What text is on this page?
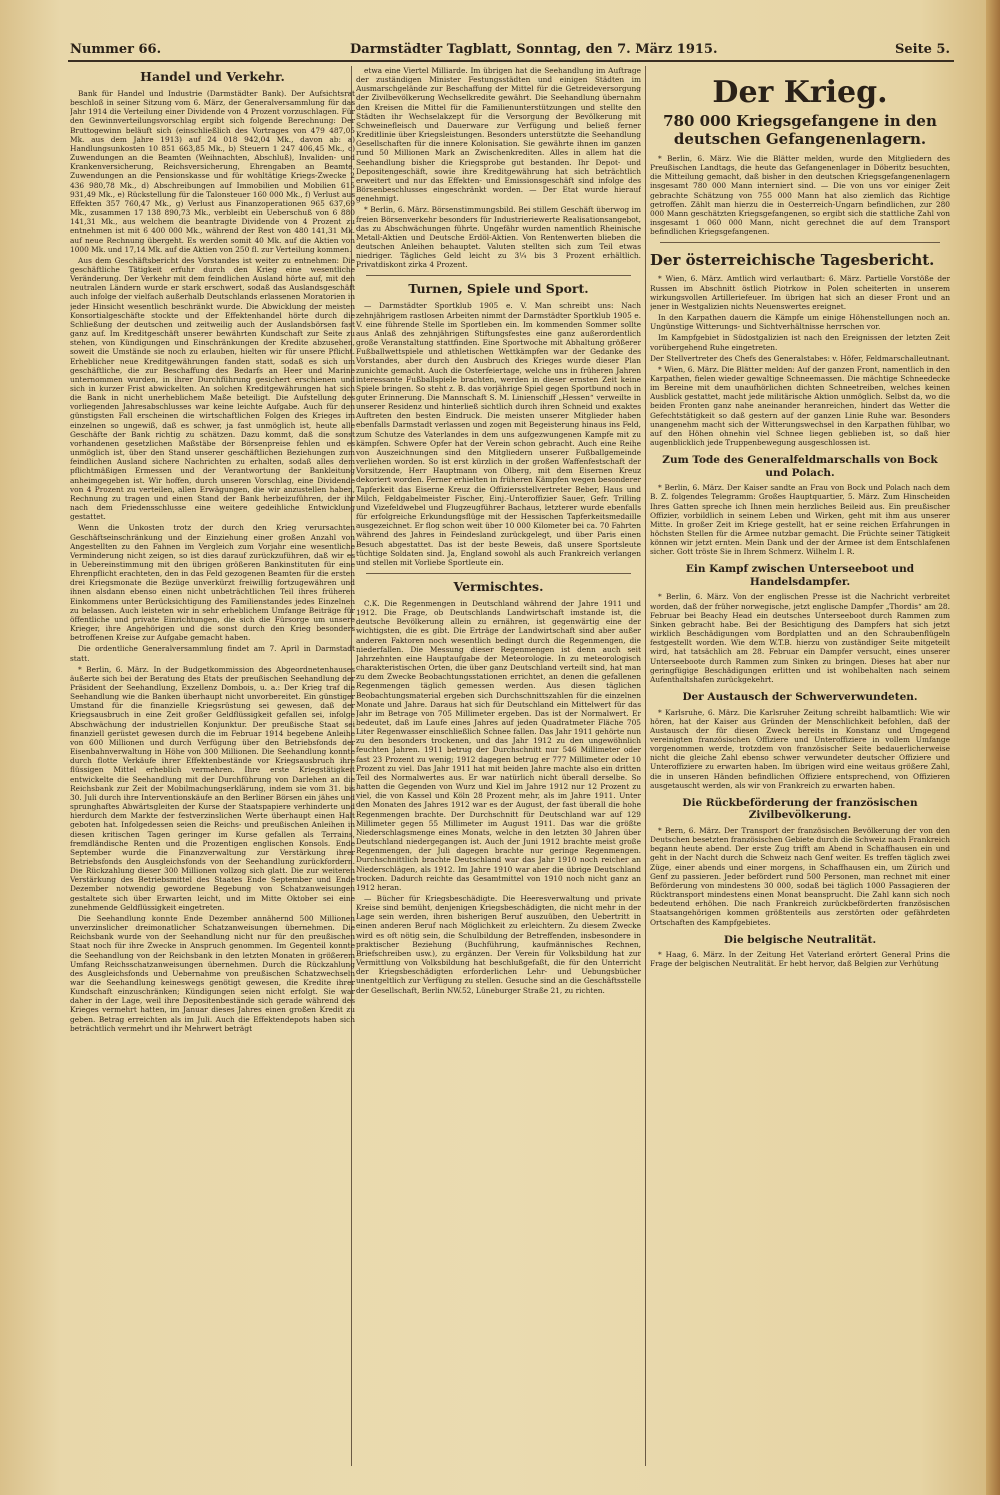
Nummer 66.	Darmstädter Tagblatt, Sonntag, den 7. März 1915.	Seite 5.
Handel und Verkehr.

Bank für Handel und Industrie (Darmstädter Bank). Der Aufsichtsrat beschloß in seiner Sitzung vom 6. März, der Generalversammlung für das Jahr 1914 die Verteilung einer Dividende von 4 Prozent vorzuschlagen. Für den Gewinnverteilungsvorschlag ergibt sich folgende Berechnung: Der Bruttogewinn beläuft sich (einschließlich des Vortrages von 479 487,05 Mk. aus dem Jahre 1913) auf 24 018 942,04 Mk., davon ab: a) Handlungsunkosten 10 851 663,85 Mk., b) Steuern 1 247 406,45 Mk., c) Zuwendungen an die Beamten (Weihnachten, Abschluß), Invaliden- und Krankenversicherung, Reichsversicherung, Ehrengaben an Beamte, Zuwendungen an die Pensionskasse und für wohltätige Kriegs-Zwecke 2 436 980,78 Mk., d) Abschreibungen auf Immobilien und Mobilien 615 931,49 Mk., e) Rückstellung für die Talonsteuer 160 000 Mk., f) Verlust aus Effekten 357 760,47 Mk., g) Verlust aus Finanzoperationen 965 637,69 Mk., zusammen 17 138 890,73 Mk., verbleibt ein Ueberschuß von 6 880 141,31 Mk., aus welchem die beantragte Dividende von 4 Prozent zu entnehmen ist mit 6 400 000 Mk., während der Rest von 480 141,31 Mk. auf neue Rechnung übergeht. Es werden somit 40 Mk. auf die Aktien von 1000 Mk. und 17,14 Mk. auf die Aktien von 250 fl. zur Verteilung kommen.

Aus dem Geschäftsbericht des Vorstandes ist weiter zu entnehmen: Die geschäftliche Tätigkeit erfuhr durch den Krieg eine wesentliche Veränderung. Der Verkehr mit dem feindlichen Ausland hörte auf, mit den neutralen Ländern wurde er stark erschwert, sodaß das Auslandsgeschäft auch infolge der vielfach außerhalb Deutschlands erlassenen Moratorien in jeder Hinsicht wesentlich beschränkt wurde. Die Abwicklung der meisten Konsortialgeschäfte stockte und der Effektenhandel hörte durch die Schließung der deutschen und zeitweilig auch der Auslandsbörsen fast ganz auf. Im Kreditgeschäft unserer bewährten Kundschaft zur Seite zu stehen, von Kündigungen und Einschränkungen der Kredite abzusehen, soweit die Umstände sie noch zu erlauben, hielten wir für unsere Pflicht. Erheblicher neue Kreditgewährungen fanden statt, sodaß es sich um geschäftliche, die zur Beschaffung des Bedarfs an Heer und Marine unternommen wurden, in ihrer Durchführung gesichert erschienen und sich in kurzer Frist abwickelten. An solchen Kreditgewährungen hat sich die Bank in nicht unerheblichem Maße beteiligt. Die Aufstellung des vorliegenden Jahresabschlusses war keine leichte Aufgabe. Auch für den günstigsten Fall erscheinen die wirtschaftlichen Folgen des Krieges im einzelnen so ungewiß, daß es schwer, ja fast unmöglich ist, heute alle Geschäfte der Bank richtig zu schätzen. Dazu kommt, daß die sonst vorhandenen gesetzlichen Maßstäbe der Börsenpreise fehlen und es unmöglich ist, über den Stand unserer geschäftlichen Beziehungen zum feindlichen Ausland sichere Nachrichten zu erhalten, sodaß alles dem pflichtmäßigen Ermessen und der Verantwortung der Bankleitung anheimgegeben ist. Wir hoffen, durch unseren Vorschlag, eine Dividende von 4 Prozent zu verteilen, allen Erwägungen, die wir anzustellen haben, Rechnung zu tragen und einen Stand der Bank herbeizuführen, der ihr nach dem Friedensschlusse eine weitere gedeihliche Entwicklung gestattet.

Wenn die Unkosten trotz der durch den Krieg verursachten Geschäftseinschränkung und der Einziehung einer großen Anzahl von Angestellten zu den Fahnen im Vergleich zum Vorjahr eine wesentliche Verminderung nicht zeigen, so ist dies darauf zurückzuführen, daß wir es in Uebereinstimmung mit den übrigen größeren Bankinstituten für eine Ehrenpflicht erachteten, den in das Feld gezogenen Beamten für die ersten drei Kriegsmonate die Bezüge unverkürzt freiwillig fortzugewähren und ihnen alsdann ebenso einen nicht unbeträchtlichen Teil ihres früheren Einkommens unter Berücksichtigung des Familienstandes jedes Einzelnen zu belassen. Auch leisteten wir in sehr erheblichem Umfange Beiträge für öffentliche und private Einrichtungen, die sich die Fürsorge um unsere Krieger, ihre Angehörigen und die sonst durch den Krieg besonders betroffenen Kreise zur Aufgabe gemacht haben.

Die ordentliche Generalversammlung findet am 7. April in Darmstadt statt.

* Berlin, 6. März. In der Budgetkommission des Abgeordnetenhauses äußerte sich bei der Beratung des Etats der preußischen Seehandlung der Präsident der Seehandlung, Exzellenz Dombois, u. a.: Der Krieg traf die Seehandlung wie die Banken überhaupt nicht unvorbereitet. Ein günstiger Umstand für die finanzielle Kriegsrüstung sei gewesen, daß der Kriegsausbruch in eine Zeit großer Geldflüssigkeit gefallen sei, infolge Abschwächung der industriellen Konjunktur. Der preußische Staat sei finanziell gerüstet gewesen durch die im Februar 1914 begebene Anleihe von 600 Millionen und durch Verfügung über den Betriebsfonds der Eisenbahnverwaltung in Höhe von 300 Millionen. Die Seehandlung konnte durch flotte Verkäufe ihrer Effektenbestände vor Kriegsausbruch ihre flüssigen Mittel erheblich vermehren. Ihre erste Kriegstätigkeit entwickelte die Seehandlung mit der Durchführung von Darlehen an die Reichsbank zur Zeit der Mobilmachungserklärung, indem sie vom 31. bis 30. Juli durch ihre Interventionskäufe an den Berliner Börsen ein jähes und sprunghaftes Abwärtsgleiten der Kurse der Staatspapiere verhinderte und hierdurch dem Markte der festverzinslichen Werte überhaupt einen Halt geboten hat. Infolgedessen seien die Reichs- und preußischen Anleihen in diesen kritischen Tagen geringer im Kurse gefallen als Terrains, fremdländische Renten und die Prozentigen englischen Konsols. Ende September wurde die Finanzverwaltung zur Verstärkung ihrer Betriebsfonds den Ausgleichsfonds von der Seehandlung zurückfordern. Die Rückzahlung dieser 300 Millionen vollzog sich glatt. Die zur weiteren Verstärkung des Betriebsmittel des Staates Ende September und Ende Dezember notwendig gewordene Begebung von Schatzanweisungen gestaltete sich über Erwarten leicht, und im Mitte Oktober sei eine zunehmende Geldflüssigkeit eingetreten.

Die Seehandlung konnte Ende Dezember annähernd 500 Millionen unverzinslicher dreimonatlicher Schatzanweisungen übernehmen. Die Reichsbank wurde von der Seehandlung nicht nur für den preußischen Staat noch für ihre Zwecke in Anspruch genommen. Im Gegenteil konnte die Seehandlung von der Reichsbank in den letzten Monaten in größerem Umfang Reichsschatzanweisungen übernehmen. Durch die Rückzahlung des Ausgleichsfonds und Uebernahme von preußischen Schatzwechseln war die Seehandlung keineswegs genötigt gewesen, die Kredite ihrer Kundschaft einzuschränken; Kündigungen seien nicht erfolgt. Sie war daher in der Lage, weil ihre Depositenbestände sich gerade während des Krieges vermehrt hatten, im Januar dieses Jahres einen großen Kredit zu geben. Betrag erreichten als im Juli. Auch die Effektendepots haben sich beträchtlich vermehrt und ihr Mehrwert beträgt

etwa eine Viertel Milliarde. Im übrigen hat die Seehandlung im Auftrage der zuständigen Minister Festungsstädten und einigen Städten im Ausmarschgelände zur Beschaffung der Mittel für die Getreideversorgung der Zivilbevölkerung Wechselkredite gewährt. Die Seehandlung übernahm den Kreisen die Mittel für die Familienunterstützungen und stellte den Städten ihr Wechselakzept für die Versorgung der Bevölkerung mit Schweinefleisch und Dauerware zur Verfügung und beließ ferner Kreditlinie über Kriegsleistungen. Besonders unterstützte die Seehandlung Gesellschaften für die innere Kolonisation. Sie gewährte ihnen im ganzen rund 50 Millionen Mark an Zwischenkrediten. Alles in allem hat die Seehandlung bisher die Kriegsprobe gut bestanden. Ihr Depot- und Depositengeschäft, sowie ihre Kreditgewährung hat sich beträchtlich erweitert und nur das Effekten- und Emissionsgeschäft sind infolge des Börsenbeschlusses eingeschränkt worden. — Der Etat wurde hierauf genehmigt.

* Berlin, 6. März. Börsenstimmungsbild. Bei stillem Geschäft überwog im freien Börsenverkehr besonders für Industrieriewerte Realisationsangebot, das zu Abschwächungen führte. Ungefähr wurden namentlich Rheinische Metall-Aktien und Deutsche Erdöl-Aktien. Von Rentenwerten blieben die deutschen Anleihen behauptet. Valuten stellten sich zum Teil etwas niedriger. Tägliches Geld leicht zu 3¼ bis 3 Prozent erhältlich. Privatdiskont zirka 4 Prozent.

Turnen, Spiele und Sport.

— Darmstädter Sportklub 1905 e. V. Man schreibt uns: Nach zehnjährigem rastlosen Arbeiten nimmt der Darmstädter Sportklub 1905 e. V. eine führende Stelle im Sportleben ein. Im kommenden Sommer sollte aus Anlaß des zehnjährigen Stiftungsfestes eine ganz außerordentlich große Veranstaltung stattfinden. Eine Sportwoche mit Abhaltung größerer Fußballwettspiele und athletischen Wettkämpfen war der Gedanke des Vorstandes, aber durch den Ausbruch des Krieges wurde dieser Plan zunichte gemacht. Auch die Osterfeiertage, welche uns in früheren Jahren interessante Fußballspiele brachten, werden in dieser ernsten Zeit keine Spiele bringen. So steht z. B. das vorjährige Spiel gegen Sportbund noch in guter Erinnerung. Die Mannschaft S. M. Linienschiff „Hessen“ verweilte in unserer Residenz und hinterließ sichtlich durch ihren Schneid und exaktes Auftreten den besten Eindruck. Die meisten unserer Mitglieder haben ebenfalls Darmstadt verlassen und zogen mit Begeisterung hinaus ins Feld, zum Schutze des Vaterlandes in dem uns aufgezwungenen Kampfe mit zu kämpfen. Schwere Opfer hat der Verein schon gebracht. Auch eine Reihe von Auszeichnungen sind den Mitgliedern unserer Fußballgemeinde verliehen worden. So ist erst kürzlich in der großen Waffenfestschaft der Vorsitzende, Herr Hauptmann von Olberg, mit dem Eisernen Kreuz dekoriert worden. Ferner erhielten in früheren Kämpfen wegen besonderer Tapferkeit das Eiserne Kreuz die Offiziersstellvertreter Beber, Haus und Milch, Feldgabelmeister Fischer, Einj.-Unteroffizier Sauer, Gefr. Trilling und Vizefeldwebel und Flugzeugführer Bachaus, letzterer wurde ebenfalls für erfolgreiche Erkundungsflüge mit der Hessischen Tapferkeitsmedaille ausgezeichnet. Er flog schon weit über 10 000 Kilometer bei ca. 70 Fahrten während des Jahres in Feindesland zurückgelegt, und über Paris einen Besuch abgestattet. Das ist der beste Beweis, daß unsere Sportsleute tüchtige Soldaten sind. Ja, England sowohl als auch Frankreich verlangen und stellen mit Vorliebe Sportleute ein.

Vermischtes.

C.K. Die Regenmengen in Deutschland während der Jahre 1911 und 1912. Die Frage, ob Deutschlands Landwirtschaft imstande ist, die deutsche Bevölkerung allein zu ernähren, ist gegenwärtig eine der wichtigsten, die es gibt. Die Erträge der Landwirtschaft sind aber außer anderen Faktoren noch wesentlich bedingt durch die Regenmengen, die niederfallen. Die Messung dieser Regenmengen ist denn auch seit Jahrzehnten eine Hauptaufgabe der Meteorologie. In zu meteorologisch charakteristischen Orten, die über ganz Deutschland verteilt sind, hat man zu dem Zwecke Beobachtungsstationen errichtet, an denen die gefallenen Regenmengen täglich gemessen werden. Aus diesen täglichen Beobachtungsmaterial ergeben sich Durchschnittszahlen für die einzelnen Monate und Jahre. Daraus hat sich für Deutschland ein Mittelwert für das Jahr im Betrage von 705 Millimeter ergeben. Das ist der Normalwert. Er bedeutet, daß im Laufe eines Jahres auf jeden Quadratmeter Fläche 705 Liter Regenwasser einschließlich Schnee fallen. Das Jahr 1911 gehörte nun zu den besonders trockenen, und das Jahr 1912 zu den ungewöhnlich feuchten Jahren. 1911 betrug der Durchschnitt nur 546 Millimeter oder fast 23 Prozent zu wenig; 1912 dagegen betrug er 777 Millimeter oder 10 Prozent zu viel. Das Jahr 1911 hat mit beiden Jahre machte also ein dritten Teil des Normalwertes aus. Er war natürlich nicht überall derselbe. So hatten die Gegenden von Wurz und Kiel im Jahre 1912 nur 12 Prozent zu viel, die von Kassel und Köln 28 Prozent mehr, als im Jahre 1911. Unter den Monaten des Jahres 1912 war es der August, der fast überall die hohe Regenmengen brachte. Der Durchschnitt für Deutschland war auf 129 Millimeter gegen 55 Millimeter im August 1911. Das war die größte Niederschlagsmenge eines Monats, welche in den letzten 30 Jahren über Deutschland niedergegangen ist. Auch der Juni 1912 brachte meist große Regenmengen, der Juli dagegen brachte nur geringe Regenmengen. Durchschnittlich brachte Deutschland war das Jahr 1910 noch reicher an Niederschlägen, als 1912. Im Jahre 1910 war aber die übrige Deutschland trocken. Dadurch reichte das Gesamtmittel von 1910 noch nicht ganz an 1912 heran.

— Bücher für Kriegsbeschädigte. Die Heeresverwaltung und private Kreise sind bemüht, denjenigen Kriegsbeschädigten, die nicht mehr in der Lage sein werden, ihren bisherigen Beruf auszuüben, den Uebertritt in einen anderen Beruf nach Möglichkeit zu erleichtern. Zu diesem Zwecke wird es oft nötig sein, die Schulbildung der Betreffenden, insbesondere in praktischer Beziehung (Buchführung, kaufmännisches Rechnen, Briefschreiben usw.), zu ergänzen. Der Verein für Volksbildung hat zur Vermittlung von Volksbildung hat beschlußgefaßt, die für den Unterricht der Kriegsbeschädigten erforderlichen Lehr- und Uebungsbücher unentgeltlich zur Verfügung zu stellen. Gesuche sind an die Geschäftsstelle der Gesellschaft, Berlin NW.52, Lüneburger Straße 21, zu richten.

Der Krieg.
780 000 Kriegsgefangene in den deutschen Gefangenenlagern.

* Berlin, 6. März. Wie die Blätter melden, wurde den Mitgliedern des Preußischen Landtags, die heute das Gefangenenlager in Döberitz besuchten, die Mitteilung gemacht, daß bisher in den deutschen Kriegsgefangenenlagern insgesamt 780 000 Mann interniert sind. — Die von uns vor einiger Zeit gebrachte Schätzung von 755 000 Mann hat also ziemlich das Richtige getroffen. Zählt man hierzu die in Oesterreich-Ungarn befindlichen, zur 280 000 Mann geschätzten Kriegsgefangenen, so ergibt sich die stattliche Zahl von insgesamt 1 060 000 Mann, nicht gerechnet die auf dem Transport befindlichen Kriegsgefangenen.

Der österreichische Tagesbericht.

* Wien, 6. März. Amtlich wird verlautbart: 6. März. Partielle Vorstöße der Russen im Abschnitt östlich Piotrkow in Polen scheiterten in unserem wirkungsvollen Artilleriefeuer. Im übrigen hat sich an dieser Front und an jener in Westgalizien nichts Neuenswertes ereignet.

In den Karpathen dauern die Kämpfe um einige Höhenstellungen noch an. Ungünstige Witterungs- und Sichtverhältnisse herrschen vor.

Im Kampfgebiet in Südostgalizien ist nach den Ereignissen der letzten Zeit vorübergehend Ruhe eingetreten.

Der Stellvertreter des Chefs des Generalstabes: v. Höfer, Feldmarschalleutnant.

* Wien, 6. März. Die Blätter melden: Auf der ganzen Front, namentlich in den Karpathen, fielen wieder gewaltige Schneemassen. Die mächtige Schneedecke im Bereine mit dem unaufhörlichen dichten Schneetreiben, welches keinen Ausblick gestattet, macht jede militärische Aktion unmöglich. Selbst da, wo die beiden Fronten ganz nahe aneinander heranreichen, hindert das Wetter die Gefechtstätigkeit so daß gestern auf der ganzen Linie Ruhe war. Besonders unangenehm macht sich der Witterungswechsel in den Karpathen fühlbar, wo auf den Höhen ohnehin viel Schnee liegen geblieben ist, so daß hier augenblicklich jede Truppenbewegung ausgeschlossen ist.

Zum Tode des Generalfeldmarschalls von Bock und Polach.

* Berlin, 6. März. Der Kaiser sandte an Frau von Bock und Polach nach dem B. Z. folgendes Telegramm: Großes Hauptquartier, 5. März. Zum Hinscheiden Ihres Gatten spreche ich Ihnen mein herzliches Beileid aus. Ein preußischer Offizier, vorbildlich in seinem Leben und Wirken, geht mit ihm aus unserer Mitte. In großer Zeit im Kriege gestellt, hat er seine reichen Erfahrungen in höchsten Stellen für die Armee nutzbar gemacht. Die Früchte seiner Tätigkeit können wir jetzt ernten. Mein Dank und der der Armee ist dem Entschlafenen sicher. Gott tröste Sie in Ihrem Schmerz. Wilhelm I. R.

Ein Kampf zwischen Unterseeboot und Handelsdampfer.

* Berlin, 6. März. Von der englischen Presse ist die Nachricht verbreitet worden, daß der früher norwegische, jetzt englische Dampfer „Thordis“ am 28. Februar bei Beachy Head ein deutsches Unterseeboot durch Rammen zum Sinken gebracht habe. Bei der Besichtigung des Dampfers hat sich jetzt wirklich Beschädigungen vom Bordplatten und an den Schraubenflügeln festgestellt worden. Wie dem W.T.B. hierzu von zuständiger Seite mitgeteilt wird, hat tatsächlich am 28. Februar ein Dampfer versucht, eines unserer Unterseeboote durch Rammen zum Sinken zu bringen. Dieses hat aber nur geringfügige Beschädigungen erlitten und ist wohlbehalten nach seinem Aufenthaltshafen zurückgekehrt.

Der Austausch der Schwerverwundeten.

* Karlsruhe, 6. März. Die Karlsruher Zeitung schreibt halbamtlich: Wie wir hören, hat der Kaiser aus Gründen der Menschlichkeit befohlen, daß der Austausch der für diesen Zweck bereits in Konstanz und Umgegend vereinigten französischen Offiziere und Unteroffiziere in vollem Umfange vorgenommen werde, trotzdem von französischer Seite bedauerlicherweise nicht die gleiche Zahl ebenso schwer verwundeter deutscher Offiziere und Unteroffiziere zu erwarten haben. Im übrigen wird eine weitaus größere Zahl, die in unseren Händen befindlichen Offiziere entsprechend, von Offizieren ausgetauscht werden, als wir von Frankreich zu erwarten haben.

Die Rückbeförderung der französischen Zivilbevölkerung.

* Bern, 6. März. Der Transport der französischen Bevölkerung der von den Deutschen besetzten französischen Gebiete durch die Schweiz nach Frankreich begann heute abend. Der erste Zug trifft am Abend in Schaffhausen ein und geht in der Nacht durch die Schweiz nach Genf weiter. Es treffen täglich zwei Züge, einer abends und einer morgens, in Schaffhausen ein, um Zürich und Genf zu passieren. Jeder befördert rund 500 Personen, man rechnet mit einer Beförderung von mindestens 30 000, sodaß bei täglich 1000 Passagieren der Rücktransport mindestens einen Monat beansprucht. Die Zahl kann sich noch bedeutend erhöhen. Die nach Frankreich zurückbeförderten französischen Staatsangehörigen kommen größtenteils aus zerstörten oder gefährdeten Ortschaften des Kampfgebietes.

Die belgische Neutralität.

* Haag, 6. März. In der Zeitung Het Vaterland erörtert General Prins die Frage der belgischen Neutralität. Er hebt hervor, daß Belgien zur Verhütung
